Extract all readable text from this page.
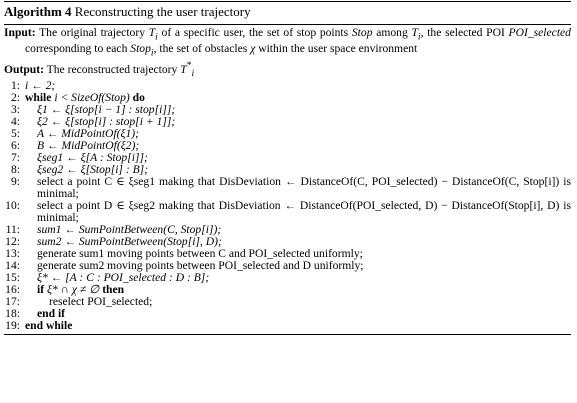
Algorithm 4 Reconstructing the user trajectory
Input: The original trajectory $T_i$ of a specific user, the set of stop points Stop among $T_i$, the selected POI POI_selected corresponding to each Stop$_i$, the set of obstacles χ within the user space environment
Output: The reconstructed trajectory $T^*_i$
1: i ← 2;
2: while i < SizeOf(Stop) do
3: ξ1 ← ξ[stop[i − 1] : stop[i]];
4: ξ2 ← ξ[stop[i] : stop[i + 1]];
5: A ← MidPointOf(ξ1);
6: B ← MidPointOf(ξ2);
7: ξseg1 ← ξ[A : Stop[i]];
8: ξseg2 ← ξ[Stop[i] : B];
9: select a point C ∈ ξseg1 making that DisDeviation ← DistanceOf(C, POI_selected) − DistanceOf(C, Stop[i]) is minimal;
10: select a point D ∈ ξseg2 making that DisDeviation ← DistanceOf(POI_selected, D) − DistanceOf(Stop[i], D) is minimal;
11: sum1 ← SumPointBetween(C, Stop[i]);
12: sum2 ← SumPointBetween(Stop[i], D);
13: generate sum1 moving points between C and POI_selected uniformly;
14: generate sum2 moving points between POI_selected and D uniformly;
15: ξ* ← [A : C : POI_selected : D : B];
16: if ξ* ∩ χ ≠ ∅ then
17:	reselect POI_selected;
18: end if
19: end while
